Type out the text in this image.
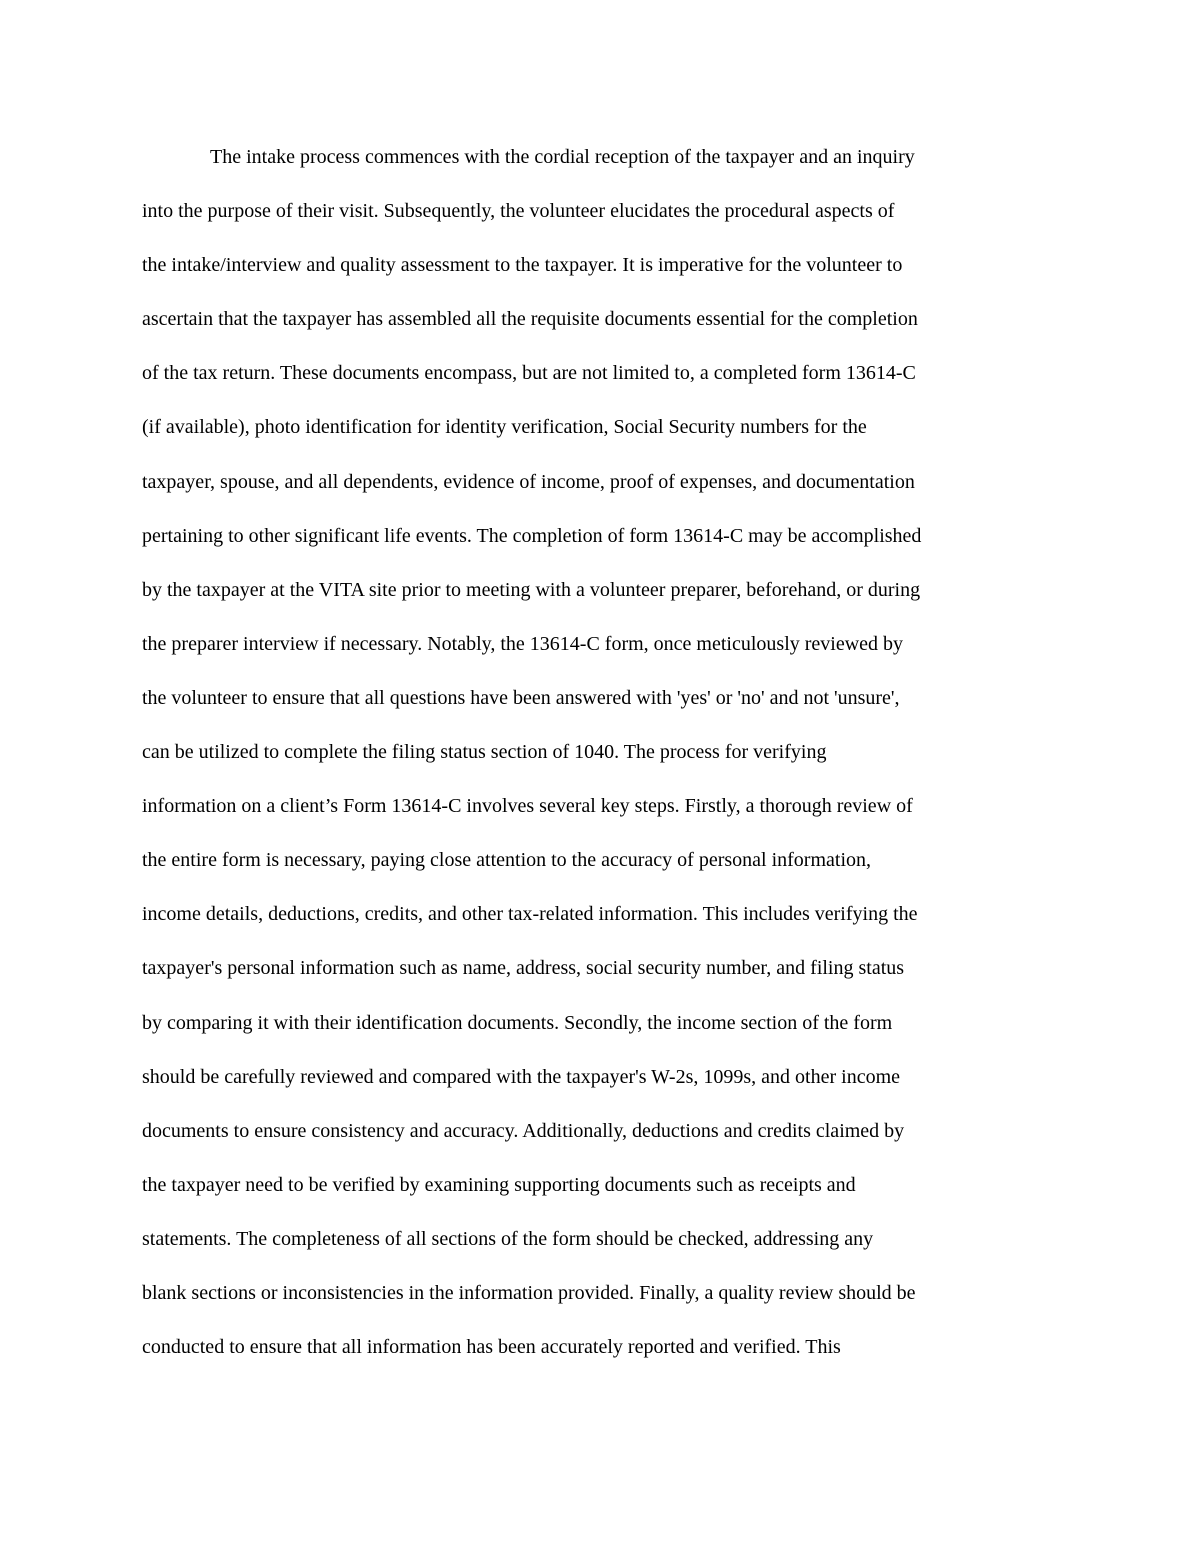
The intake process commences with the cordial reception of the taxpayer and an inquiry
into the purpose of their visit. Subsequently, the volunteer elucidates the procedural aspects of
the intake/interview and quality assessment to the taxpayer. It is imperative for the volunteer to
ascertain that the taxpayer has assembled all the requisite documents essential for the completion
of the tax return. These documents encompass, but are not limited to, a completed form 13614-C
(if available), photo identification for identity verification, Social Security numbers for the
taxpayer, spouse, and all dependents, evidence of income, proof of expenses, and documentation
pertaining to other significant life events. The completion of form 13614-C may be accomplished
by the taxpayer at the VITA site prior to meeting with a volunteer preparer, beforehand, or during
the preparer interview if necessary. Notably, the 13614-C form, once meticulously reviewed by
the volunteer to ensure that all questions have been answered with 'yes' or 'no' and not 'unsure',
can be utilized to complete the filing status section of 1040. The process for verifying
information on a client’s Form 13614-C involves several key steps. Firstly, a thorough review of
the entire form is necessary, paying close attention to the accuracy of personal information,
income details, deductions, credits, and other tax-related information. This includes verifying the
taxpayer's personal information such as name, address, social security number, and filing status
by comparing it with their identification documents. Secondly, the income section of the form
should be carefully reviewed and compared with the taxpayer's W-2s, 1099s, and other income
documents to ensure consistency and accuracy. Additionally, deductions and credits claimed by
the taxpayer need to be verified by examining supporting documents such as receipts and
statements. The completeness of all sections of the form should be checked, addressing any
blank sections or inconsistencies in the information provided. Finally, a quality review should be
conducted to ensure that all information has been accurately reported and verified. This
